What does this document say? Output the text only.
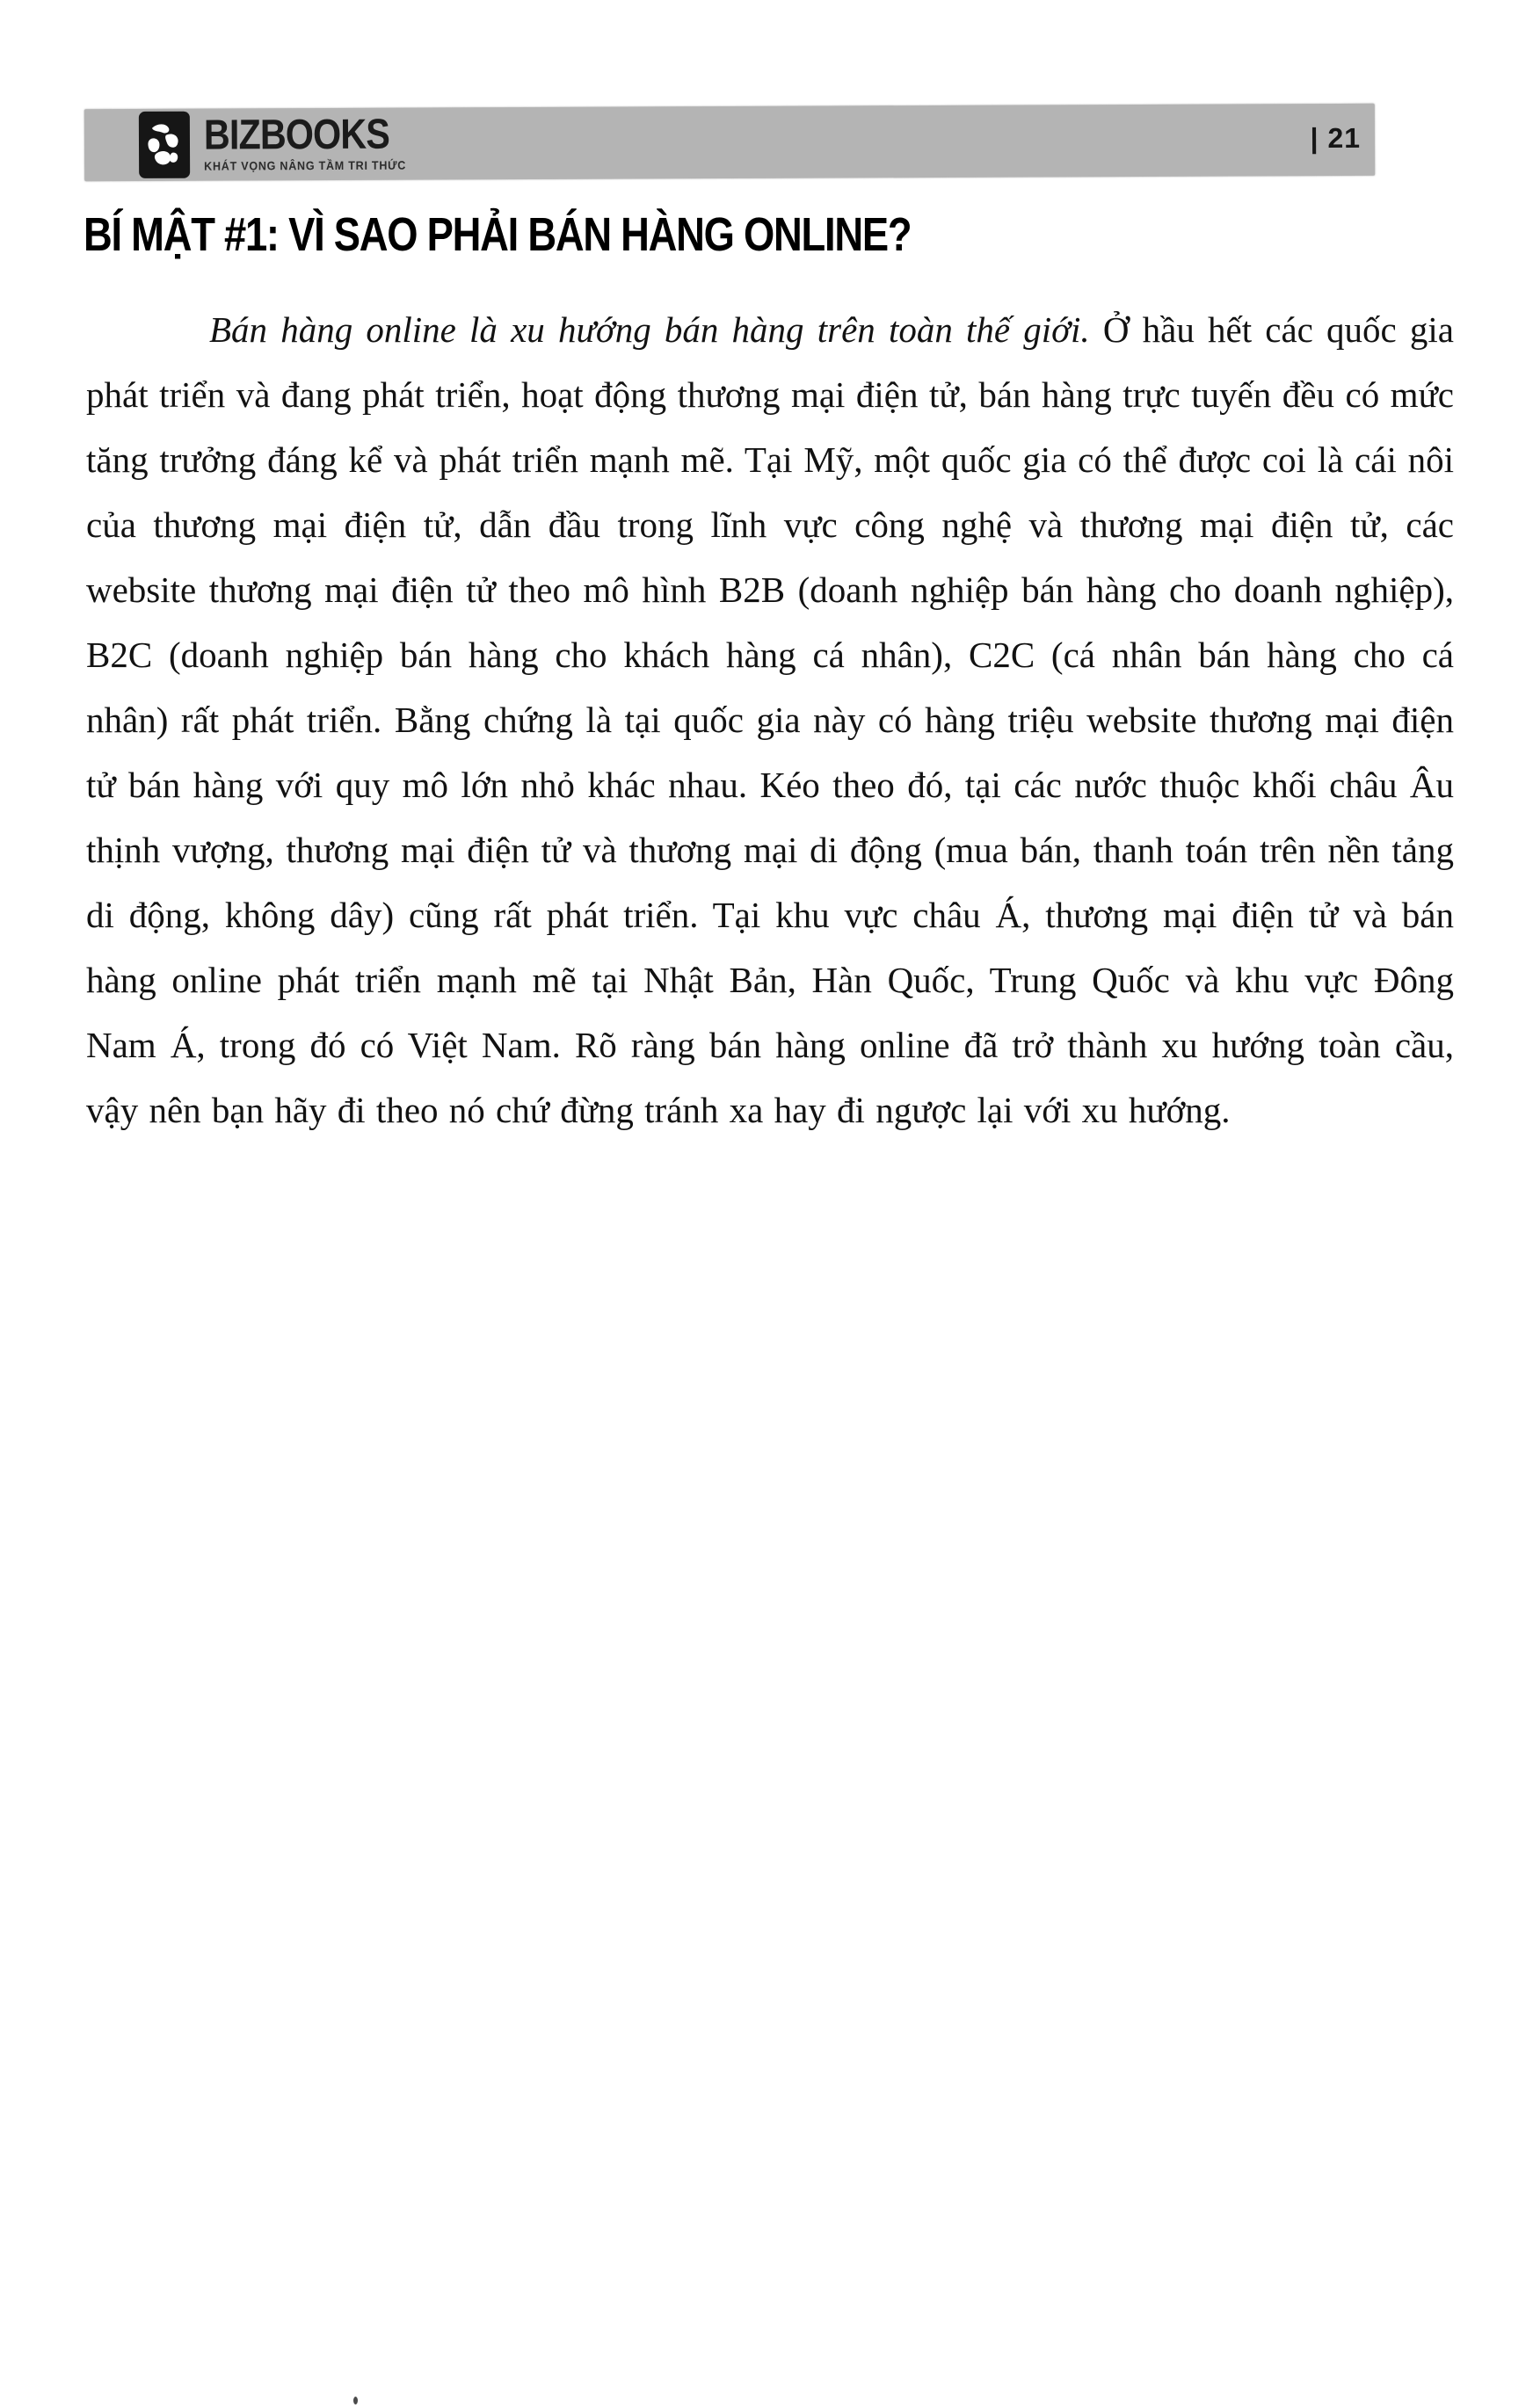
BIZBOOKS
KHÁT VỌNG NÂNG TẦM TRI THỨC
| 21
BÍ MẬT #1: VÌ SAO PHẢI BÁN HÀNG ONLINE?

Bán hàng online là xu hướng bán hàng trên toàn thế giới. Ở hầu hết các quốc gia phát triển và đang phát triển, hoạt động thương mại điện tử, bán hàng trực tuyến đều có mức tăng trưởng đáng kể và phát triển mạnh mẽ. Tại Mỹ, một quốc gia có thể được coi là cái nôi của thương mại điện tử, dẫn đầu trong lĩnh vực công nghệ và thương mại điện tử, các website thương mại điện tử theo mô hình B2B (doanh nghiệp bán hàng cho doanh nghiệp), B2C (doanh nghiệp bán hàng cho khách hàng cá nhân), C2C (cá nhân bán hàng cho cá nhân) rất phát triển. Bằng chứng là tại quốc gia này có hàng triệu website thương mại điện tử bán hàng với quy mô lớn nhỏ khác nhau. Kéo theo đó, tại các nước thuộc khối châu Âu thịnh vượng, thương mại điện tử và thương mại di động (mua bán, thanh toán trên nền tảng di động, không dây) cũng rất phát triển. Tại khu vực châu Á, thương mại điện tử và bán hàng online phát triển mạnh mẽ tại Nhật Bản, Hàn Quốc, Trung Quốc và khu vực Đông Nam Á, trong đó có Việt Nam. Rõ ràng bán hàng online đã trở thành xu hướng toàn cầu, vậy nên bạn hãy đi theo nó chứ đừng tránh xa hay đi ngược lại với xu hướng.
